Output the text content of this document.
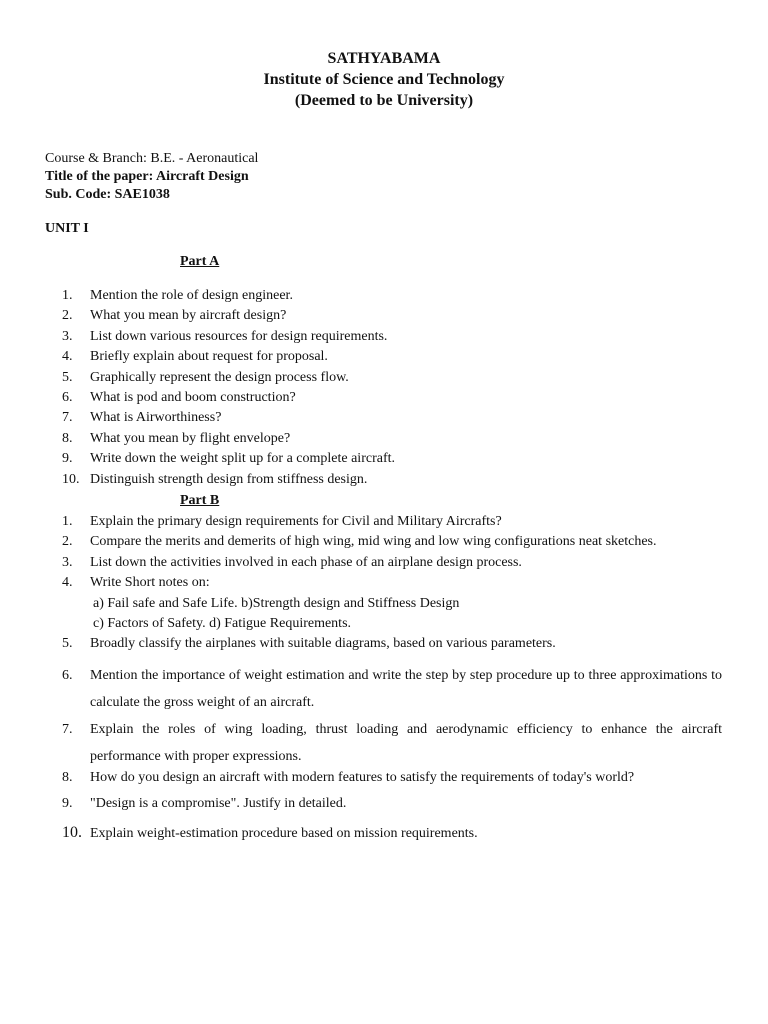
SATHYABAMA
Institute of Science and Technology
(Deemed to be University)
Course & Branch: B.E. - Aeronautical
Title of the paper: Aircraft Design
Sub. Code: SAE1038
UNIT I
Part A
1.	Mention the role of design engineer.
2.	What you mean by aircraft design?
3.	List down various resources for design requirements.
4.	Briefly explain about request for proposal.
5.	Graphically represent the design process flow.
6.	What is pod and boom construction?
7.	What is Airworthiness?
8.	What you mean by flight envelope?
9.	Write down the weight split up for a complete aircraft.
10. Distinguish strength design from stiffness design.
Part B
1.	Explain the primary design requirements for Civil and Military Aircrafts?
2.	Compare the merits and demerits of high wing, mid wing and low wing configurations neat sketches.
3.	List down the activities involved in each phase of an airplane design process.
4.	Write Short notes on:
a) Fail safe and Safe Life. b)Strength design and Stiffness Design
c) Factors of Safety. d) Fatigue Requirements.
5.	Broadly classify the airplanes with suitable diagrams, based on various parameters.
6.	Mention the importance of weight estimation and write the step by step procedure up to three approximations to calculate the gross weight of an aircraft.
7.	Explain the roles of wing loading, thrust loading and aerodynamic efficiency to enhance the aircraft performance with proper expressions.
8.	How do you design an aircraft with modern features to satisfy the requirements of today's world?
9.	"Design is a compromise". Justify in detailed.
10. Explain weight-estimation procedure based on mission requirements.
